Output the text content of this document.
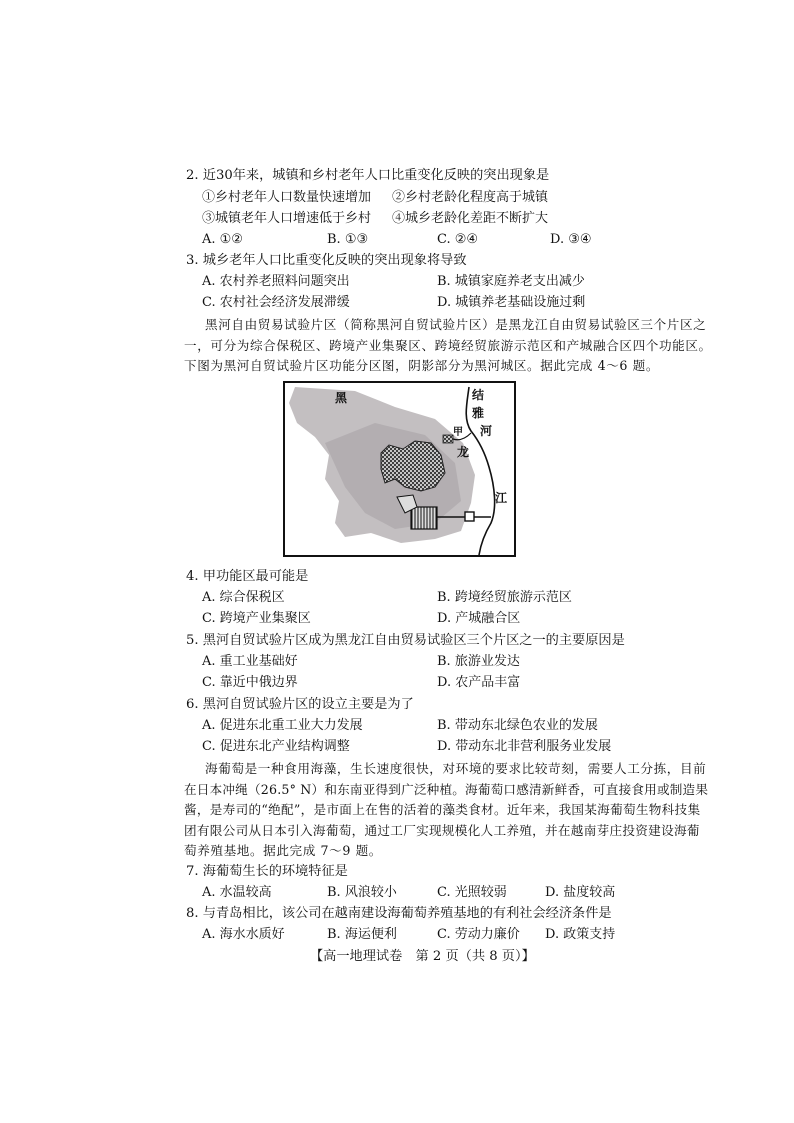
2. 近30年来，城镇和乡村老年人口比重变化反映的突出现象是
①乡村老年人口数量快速增加 ②乡村老龄化程度高于城镇
③城镇老年人口增速低于乡村 ④城乡老龄化差距不断扩大
A. ①②	B. ①③	C. ②④	D. ③④
3. 城乡老年人口比重变化反映的突出现象将导致
A. 农村养老照料问题突出	B. 城镇家庭养老支出减少
C. 农村社会经济发展滞缓	D. 城镇养老基础设施过剩
黑河自由贸易试验片区（简称黑河自贸试验片区）是黑龙江自由贸易试验区三个片区之
一，可分为综合保税区、跨境产业集聚区、跨境经贸旅游示范区和产城融合区四个功能区。
下图为黑河自贸试验片区功能分区图，阴影部分为黑河城区。据此完成 4～6 题。
黑
甲
结
雅
河
龙
江
4. 甲功能区最可能是
A. 综合保税区	B. 跨境经贸旅游示范区
C. 跨境产业集聚区	D. 产城融合区
5. 黑河自贸试验片区成为黑龙江自由贸易试验区三个片区之一的主要原因是
A. 重工业基础好	B. 旅游业发达
C. 靠近中俄边界	D. 农产品丰富
6. 黑河自贸试验片区的设立主要是为了
A. 促进东北重工业大力发展	B. 带动东北绿色农业的发展
C. 促进东北产业结构调整	D. 带动东北非营利服务业发展
海葡萄是一种食用海藻，生长速度很快，对环境的要求比较苛刻，需要人工分拣，目前
在日本冲绳（26.5° N）和东南亚得到广泛种植。海葡萄口感清新鲜香，可直接食用或制造果
酱，是寿司的“绝配”，是市面上在售的活着的藻类食材。近年来，我国某海葡萄生物科技集
团有限公司从日本引入海葡萄，通过工厂实现规模化人工养殖，并在越南芽庄投资建设海葡
萄养殖基地。据此完成 7～9 题。
7. 海葡萄生长的环境特征是
A. 水温较高	B. 风浪较小	C. 光照较弱	D. 盐度较高
8. 与青岛相比，该公司在越南建设海葡萄养殖基地的有利社会经济条件是
A. 海水水质好	B. 海运便利	C. 劳动力廉价 D. 政策支持
【高一地理试卷　第 2 页（共 8 页）】
